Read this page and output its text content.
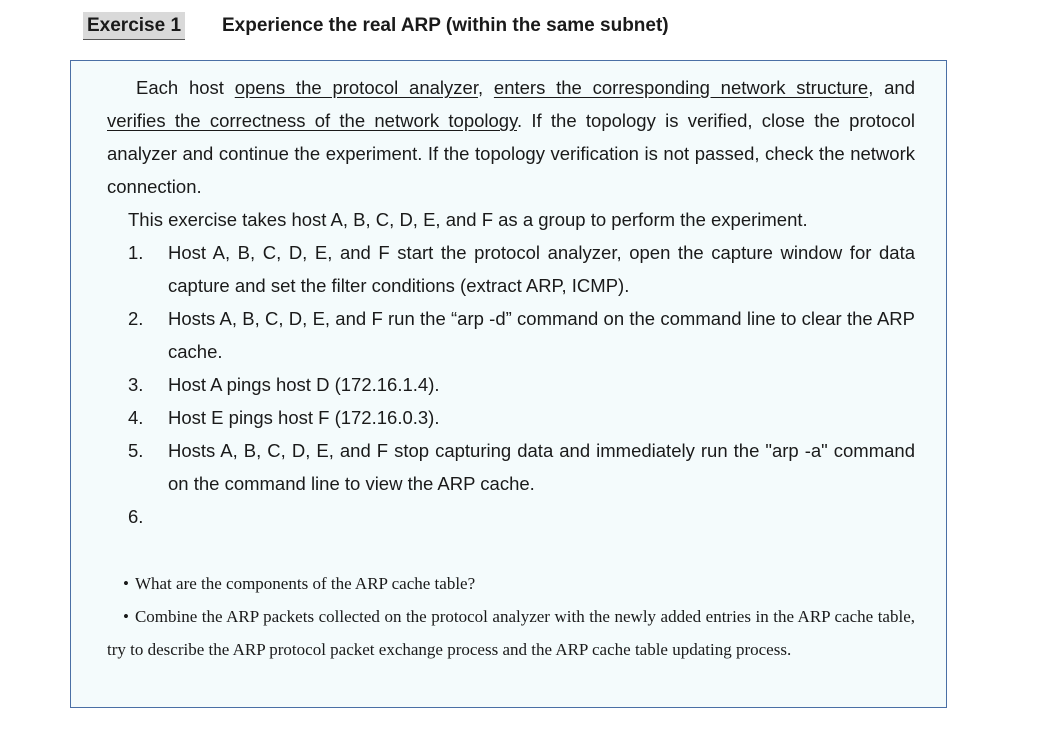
Exercise 1 Experience the real ARP (within the same subnet)

Each host opens the protocol analyzer, enters the corresponding network structure, and verifies the correctness of the network topology. If the topology is verified, close the protocol analyzer and continue the experiment. If the topology verification is not passed, check the network connection.

This exercise takes host A, B, C, D, E, and F as a group to perform the experiment.
1. Host A, B, C, D, E, and F start the protocol analyzer, open the capture window for data capture and set the filter conditions (extract ARP, ICMP).
2. Hosts A, B, C, D, E, and F run the “arp -d” command on the command line to clear the ARP cache.
3. Host A pings host D (172.16.1.4).
4. Host E pings host F (172.16.0.3).
5. Hosts A, B, C, D, E, and F stop capturing data and immediately run the "arp -a" command on the command line to view the ARP cache.
6.

• What are the components of the ARP cache table?
• Combine the ARP packets collected on the protocol analyzer with the newly added entries in the ARP cache table, try to describe the ARP protocol packet exchange process and the ARP cache table updating process.
